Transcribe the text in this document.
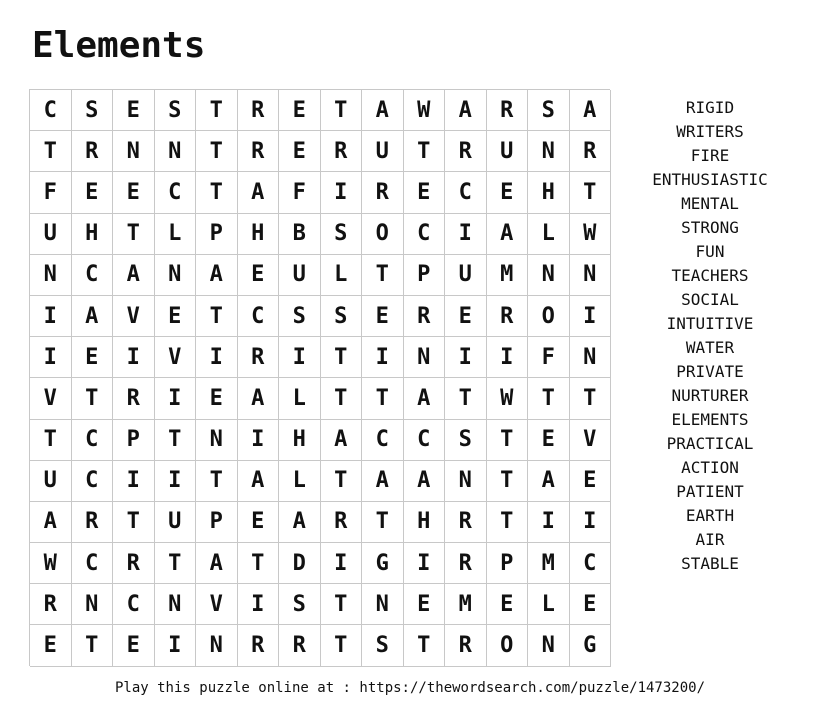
Elements
C	S	E	S	T	R	E	T	A	W	A	R	S	A
T	R	N	N	T	R	E	R	U	T	R	U	N	R
F	E	E	C	T	A	F	I	R	E	C	E	H	T
U	H	T	L	P	H	B	S	O	C	I	A	L	W
N	C	A	N	A	E	U	L	T	P	U	M	N	N
I	A	V	E	T	C	S	S	E	R	E	R	O	I
I	E	I	V	I	R	I	T	I	N	I	I	F	N
V	T	R	I	E	A	L	T	T	A	T	W	T	T
T	C	P	T	N	I	H	A	C	C	S	T	E	V
U	C	I	I	T	A	L	T	A	A	N	T	A	E
A	R	T	U	P	E	A	R	T	H	R	T	I	I
W	C	R	T	A	T	D	I	G	I	R	P	M	C
R	N	C	N	V	I	S	T	N	E	M	E	L	E
E	T	E	I	N	R	R	T	S	T	R	O	N	G
RIGID
WRITERS
FIRE
ENTHUSIASTIC
MENTAL
STRONG
FUN
TEACHERS
SOCIAL
INTUITIVE
WATER
PRIVATE
NURTURER
ELEMENTS
PRACTICAL
ACTION
PATIENT
EARTH
AIR
STABLE
Play this puzzle online at : https://thewordsearch.com/puzzle/1473200/
